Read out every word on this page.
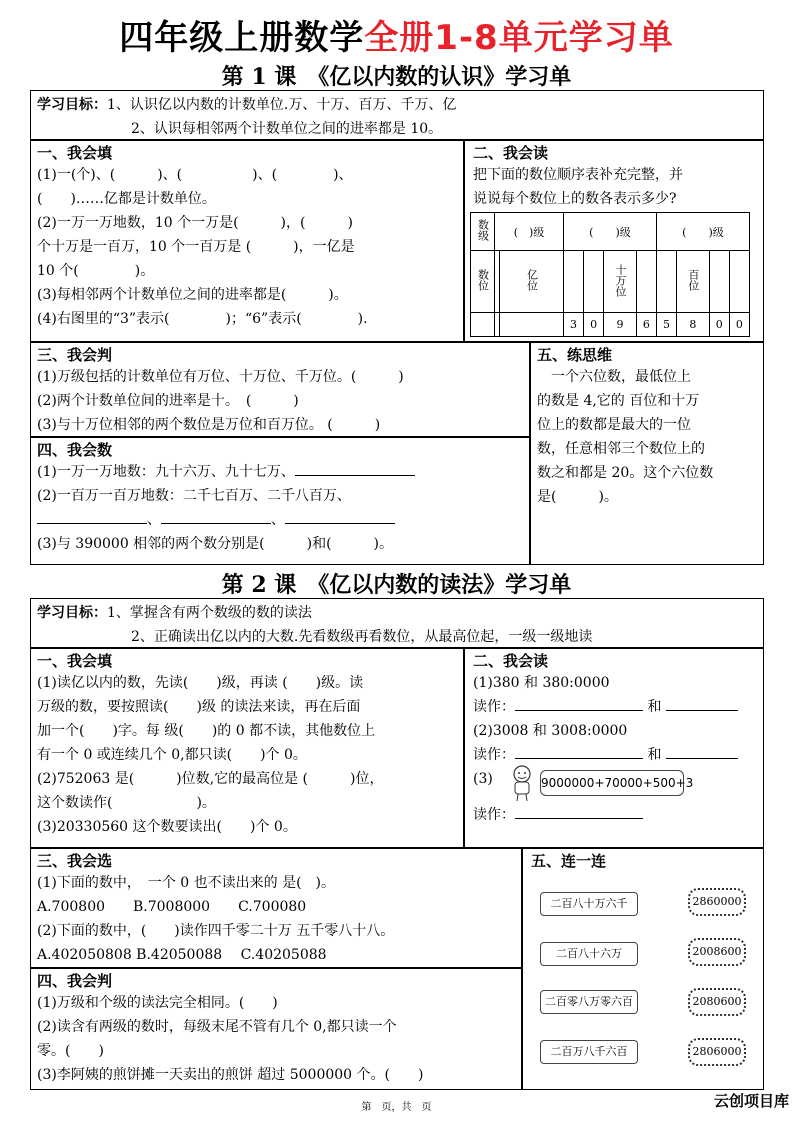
四年级上册数学全册1-8单元学习单
第 1 课　《亿以内数的认识》学习单
学习目标：1、认识亿以内数的计数单位.万、十万、百万、千万、亿
2、认识每相邻两个计数单位之间的进率都是 10。
一、我会填
(1)一(个)、(　　　)、(　　　　　)、(　　　　)、
(　　)……亿都是计数单位。
(2)一万一万地数，10 个一万是(　　　)，(　　　)
个十万是一百万，10 个一百万是 (　　　)，一亿是
10 个(　　　　)。
(3)每相邻两个计数单位之间的进率都是(　　　)。
(4)右图里的“3”表示(　　　　)；“6”表示(　　　　).
二、我会读
把下面的数位顺序表补充完整，并
说说每个数位上的数各表示多少?
数级	(　)级		(　　)级				(　　)级			
数位		亿位			十万位			百位		
			3	0	9	6	5	8	0	0
三、我会判
(1)万级包括的计数单位有万位、十万位、千万位。(　　　)
(2)两个计数单位间的进率是十。　(　　　)
(3)与十万位相邻的两个数位是万位和百万位。 (　　　)
四、我会数
(1)一万一万地数：九十六万、九十七万、
(2)一百万一百万地数：二千七百万、二千八百万、
、	、
(3)与 390000 相邻的两个数分别是(　　　)和(　　　)。
五、练思维
　一个六位数，最低位上
的数是 4,它的 百位和十万
位上的数都是最大的一位
数，任意相邻三个数位上的
数之和都是 20。这个六位数
是(　　　)。
第 2 课　《亿以内数的读法》学习单
学习目标：1、掌握含有两个数级的数的读法
2、正确读出亿以内的大数.先看数级再看数位，从最高位起，一级一级地读
一、我会填
(1)读亿以内的数，先读(　　)级，再读 (　　)级。读
万级的数，要按照读(　　)级 的读法来读，再在后面
加一个(　　)字。每 级(　　)的 0 都不读，其他数位上
有一个 0 或连续几个 0,都只读(　　)个 0。
(2)752063 是(　　　)位数,它的最高位是 (　　　)位，
这个数读作(　　　　　　)。
(3)20330560 这个数要读出(　　)个 0。
二、我会读
(1)380 和 380:0000
读作：	和
(2)3008 和 3008:0000
读作：	和
(3)
读作：
9000000+70000+500+3
三、我会选
(1)下面的数中，　一个 0 也不读出来的 是(　)。
A.700800　　B.7008000　　C.700080
(2)下面的数中，(　　)读作四千零二十万 五千零八十八。
A.402050808 B.42050088　 C.40205088
四、我会判
(1)万级和个级的读法完全相同。(　　)
(2)读含有两级的数时，每级末尾不管有几个 0,都只读一个
零。(　　)
(3)李阿姨的煎饼摊一天卖出的煎饼 超过 5000000 个。(　　)
五、连一连
二百八十万六千
二百八十六万
二百零八万零六百
二百万八千六百
2860000
2008600
2080600
2806000
第　页，共　页	云创项目库
